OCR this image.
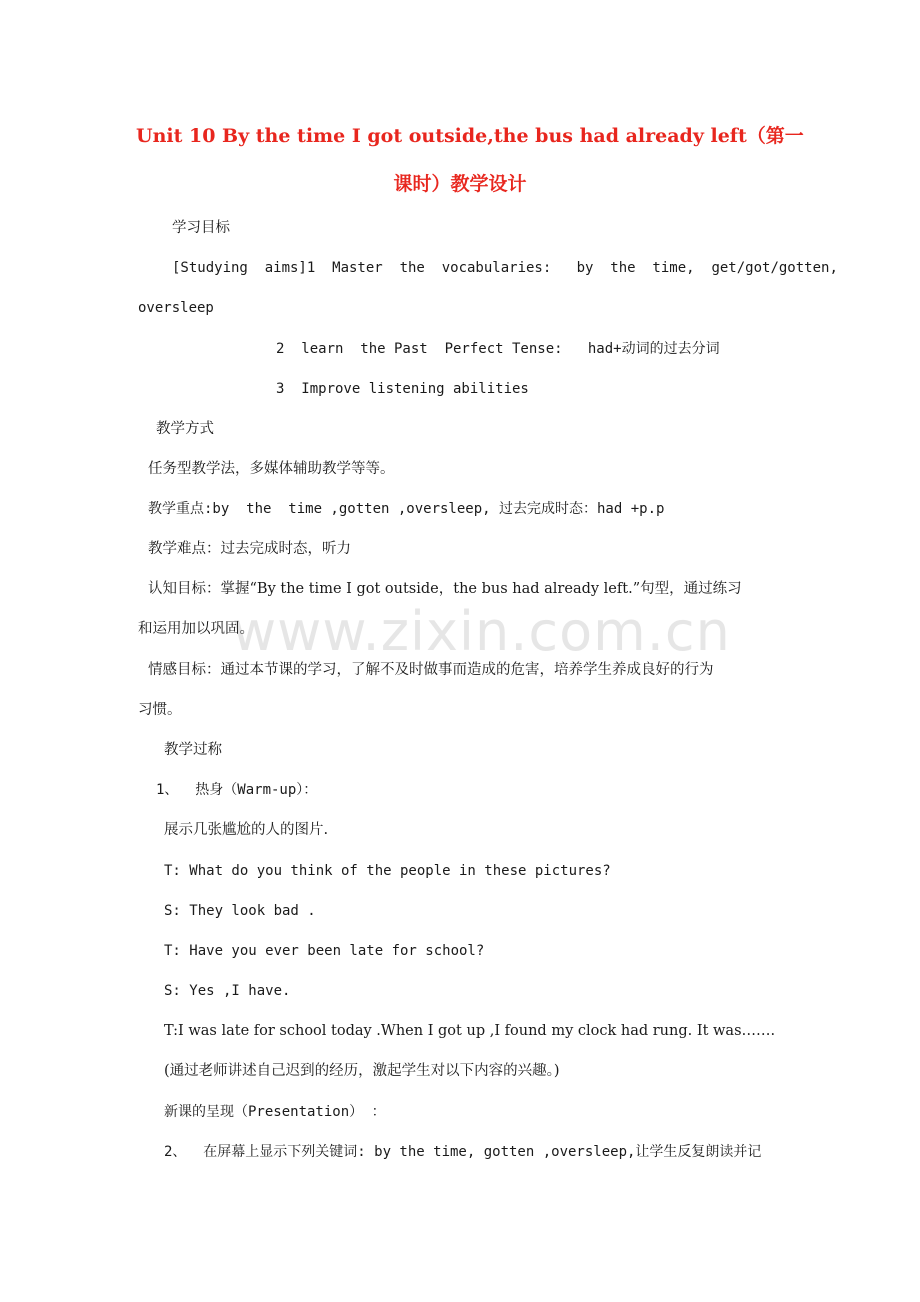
Unit 10 By the time I got outside,the bus had already left（第一
课时）教学设计
www.zixin.com.cn
学习目标
[Studying  aims]1  Master  the  vocabularies:   by  the  time,  get/got/gotten,
oversleep
2  learn  the Past  Perfect Tense:   had+动词的过去分词
3  Improve listening abilities
教学方式
任务型教学法，多媒体辅助教学等等。
教学重点:by  the  time ,gotten ,oversleep, 过去完成时态：had +p.p
教学难点：过去完成时态，听力
认知目标：掌握“By the time I got outside，the bus had already left.”句型，通过练习
和运用加以巩固。
情感目标：通过本节课的学习，了解不及时做事而造成的危害，培养学生养成良好的行为
习惯。
教学过称
1、  热身（Warm-up）：
展示几张尴尬的人的图片.
T: What do you think of the people in these pictures?
S: They look bad .
T: Have you ever been late for school?
S: Yes ,I have.
T:I was late for school today .When I got up ,I found my clock had rung. It was…….
(通过老师讲述自己迟到的经历，激起学生对以下内容的兴趣。)
新课的呈现（Presentation） ：
2、  在屏幕上显示下列关键词: by the time, gotten ,oversleep,让学生反复朗读并记
